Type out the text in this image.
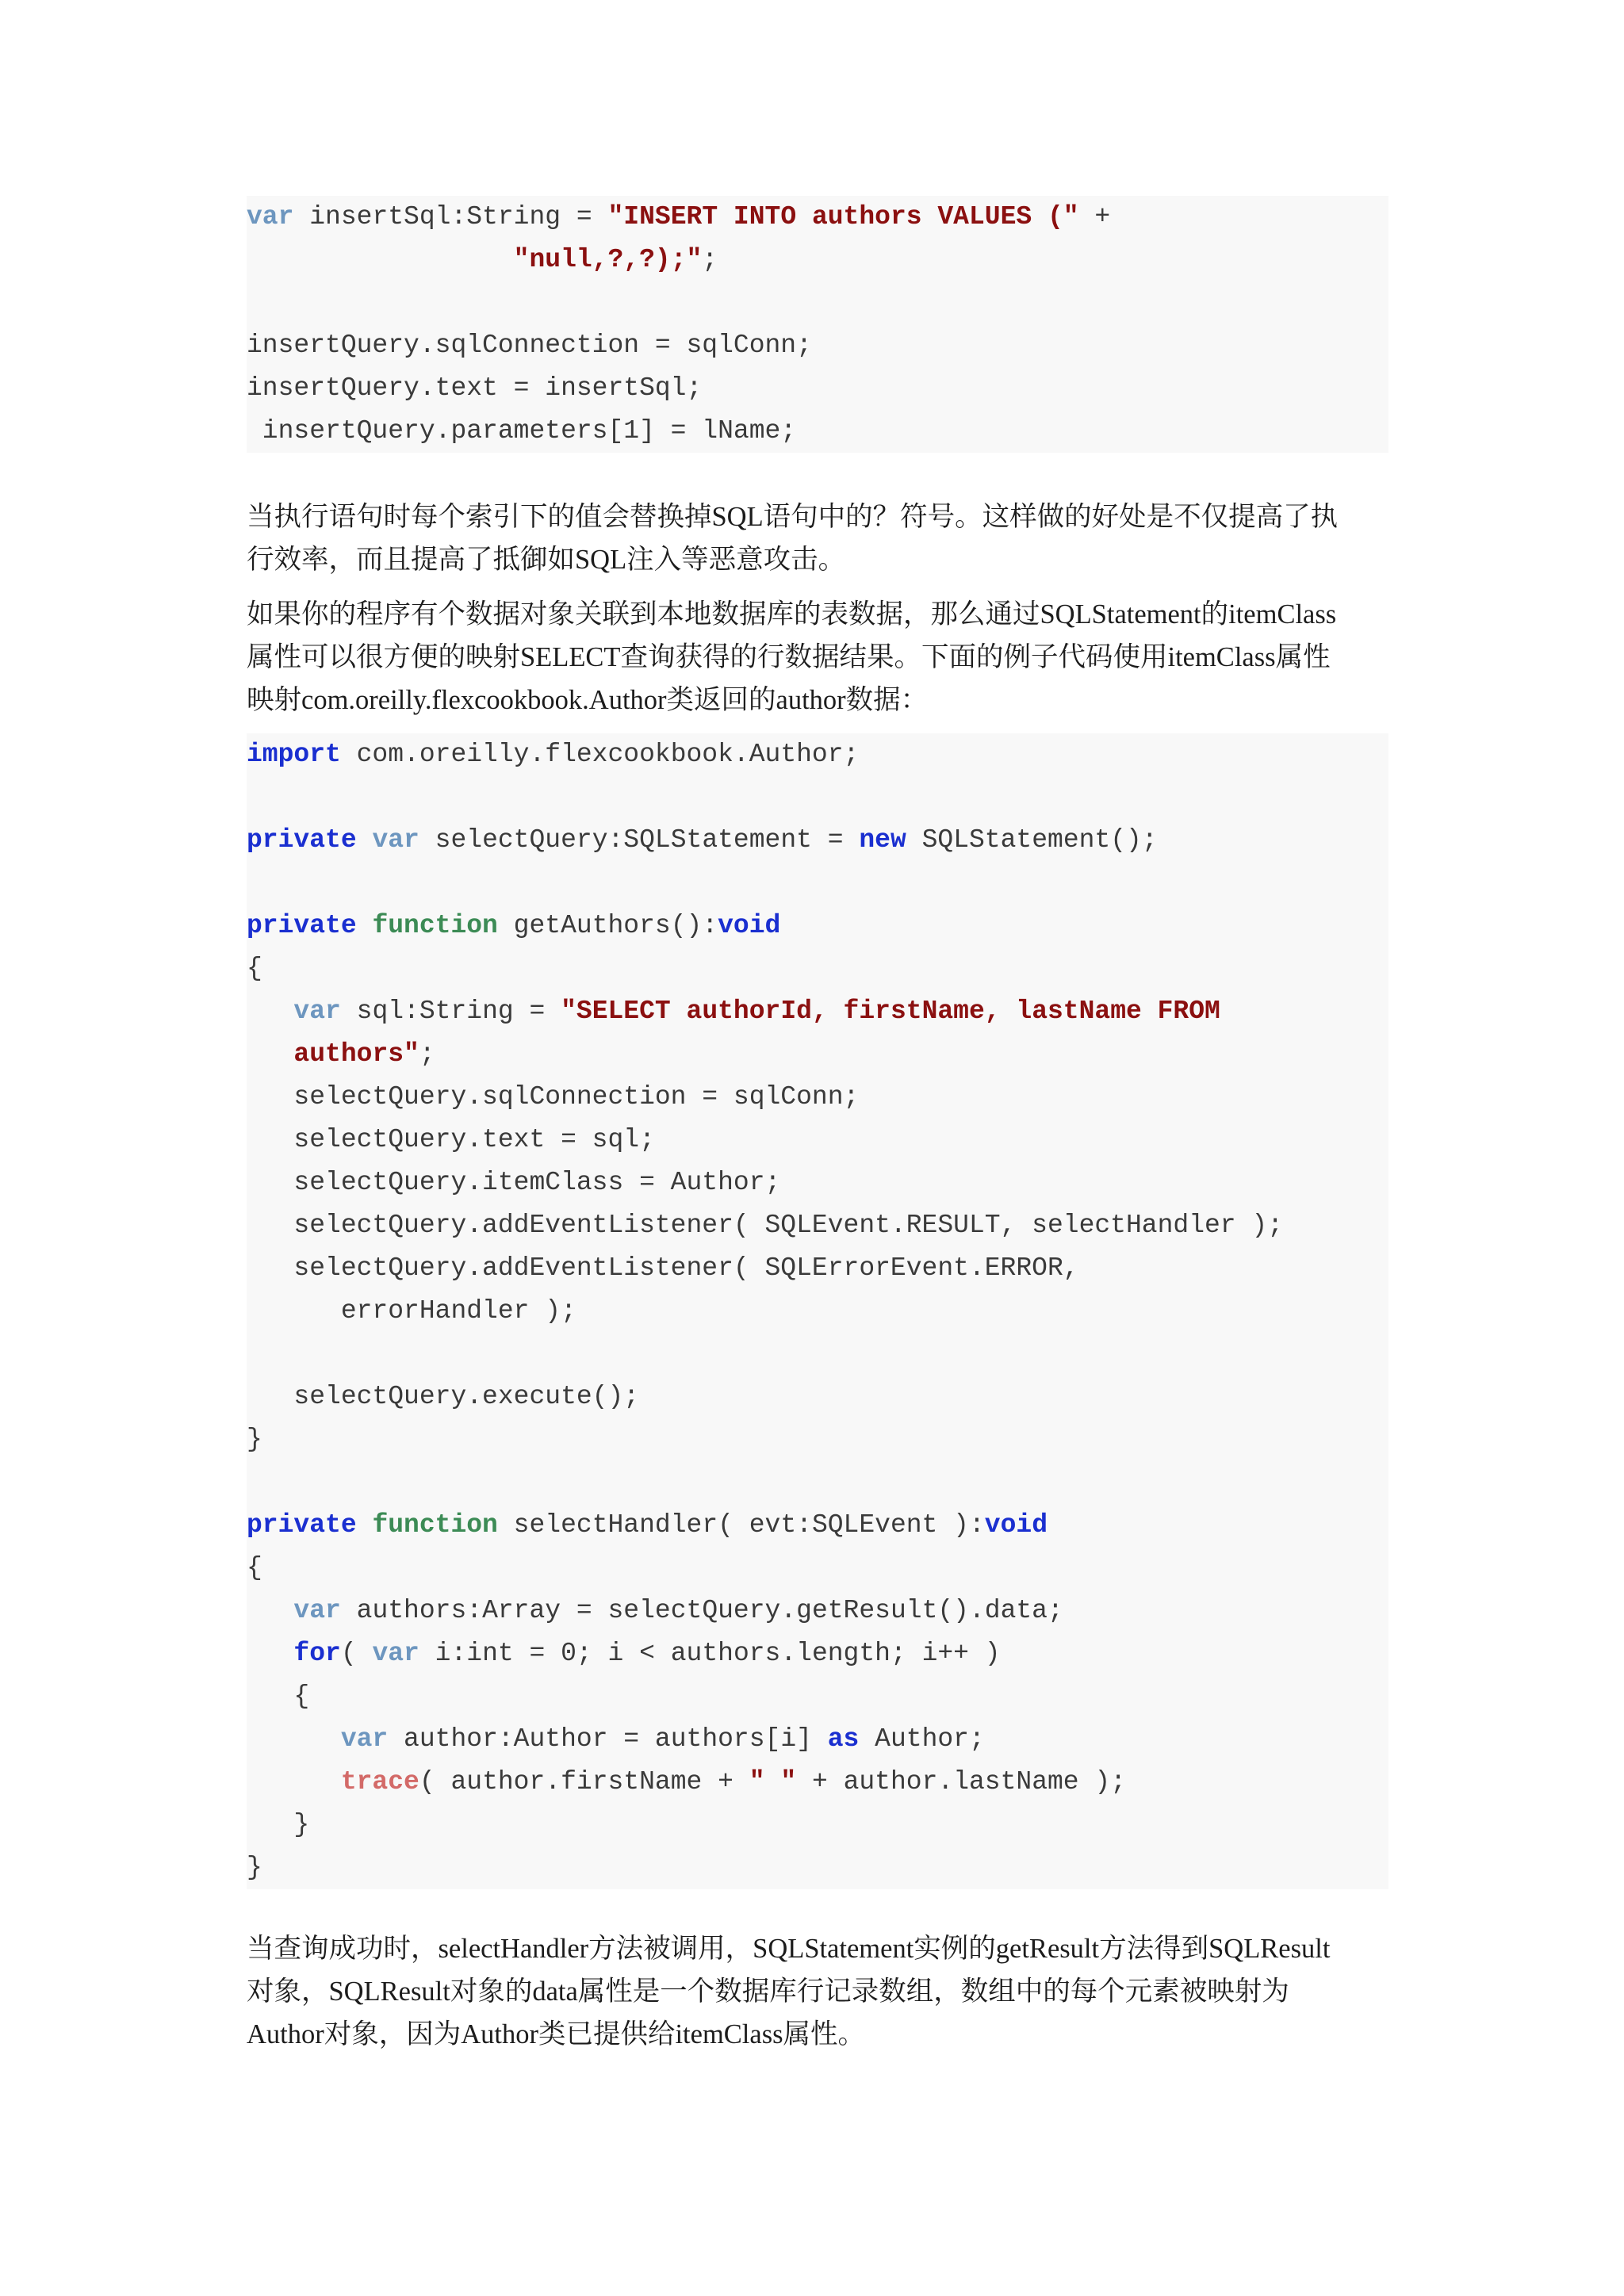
var insertSql:String = "INSERT INTO authors VALUES (" +
"null,?,?);";
insertQuery.sqlConnection = sqlConn;
insertQuery.text = insertSql;
insertQuery.parameters[1] = lName;
当执行语句时每个索引下的值会替换掉SQL语句中的？符号。这样做的好处是不仅提高了执
行效率，而且提高了抵御如SQL注入等恶意攻击。
如果你的程序有个数据对象关联到本地数据库的表数据，那么通过SQLStatement的itemClass
属性可以很方便的映射SELECT查询获得的行数据结果。下面的例子代码使用itemClass属性
映射com.oreilly.flexcookbook.Author类返回的author数据：
import com.oreilly.flexcookbook.Author;
private var selectQuery:SQLStatement = new SQLStatement();
private function getAuthors():void
{
var sql:String = "SELECT authorId, firstName, lastName FROM
authors";
selectQuery.sqlConnection = sqlConn;
selectQuery.text = sql;
selectQuery.itemClass = Author;
selectQuery.addEventListener( SQLEvent.RESULT, selectHandler );
selectQuery.addEventListener( SQLErrorEvent.ERROR,
errorHandler );
selectQuery.execute();
}
private function selectHandler( evt:SQLEvent ):void
{
var authors:Array = selectQuery.getResult().data;
for( var i:int = 0; i < authors.length; i++ )
{
var author:Author = authors[i] as Author;
trace( author.firstName + " " + author.lastName );
}
}
当查询成功时，selectHandler方法被调用，SQLStatement实例的getResult方法得到SQLResult
对象，SQLResult对象的data属性是一个数据库行记录数组，数组中的每个元素被映射为
Author对象，因为Author类已提供给itemClass属性。
